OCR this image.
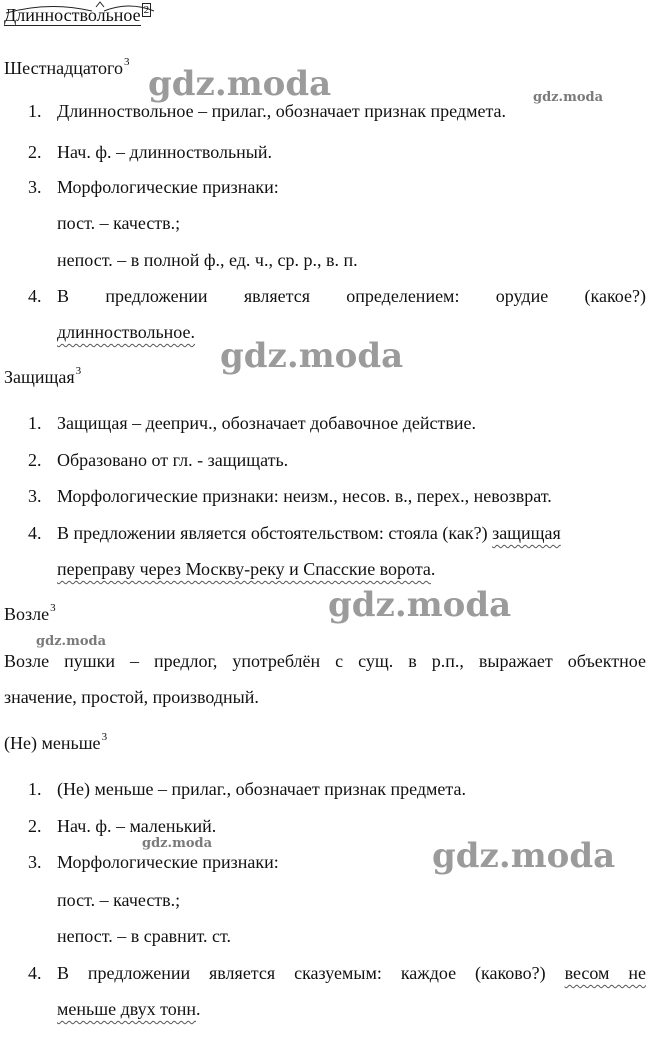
Длинноствольное $^2$
Шестнадцатого$^3$
gdz.moda	gdz.moda
1. Длинноствольное – прилаг., обозначает признак предмета.
2. Нач. ф. – длинноствольный.
3. Морфологические признаки:
пост. – качеств.;
непост. – в полной ф., ед. ч., ср. р., в. п.
4. В предложении является определением: орудие (какое?)
длинноствольное.
gdz.moda
Защищая$^3$
1. Защищая – дееприч., обозначает добавочное действие.
2. Образовано от гл. - защищать.
3. Морфологические признаки: неизм., несов. в., перех., невозврат.
4. В предложении является обстоятельством: стояла (как?) защищая
переправу через Москву-реку и Спасские ворота.
gdz.moda
Возле$^3$
gdz.moda
Возле пушки – предлог, употреблён с сущ. в р.п., выражает объектное
значение, простой, производный.
(Не) меньше$^3$
1. (Не) меньше – прилаг., обозначает признак предмета.
2. Нач. ф. – маленький.
gdz.moda	gdz.moda
3. Морфологические признаки:
пост. – качеств.;
непост. – в сравнит. ст.
4. В предложении является сказуемым: каждое (каково?) весом не
меньше двух тонн.
